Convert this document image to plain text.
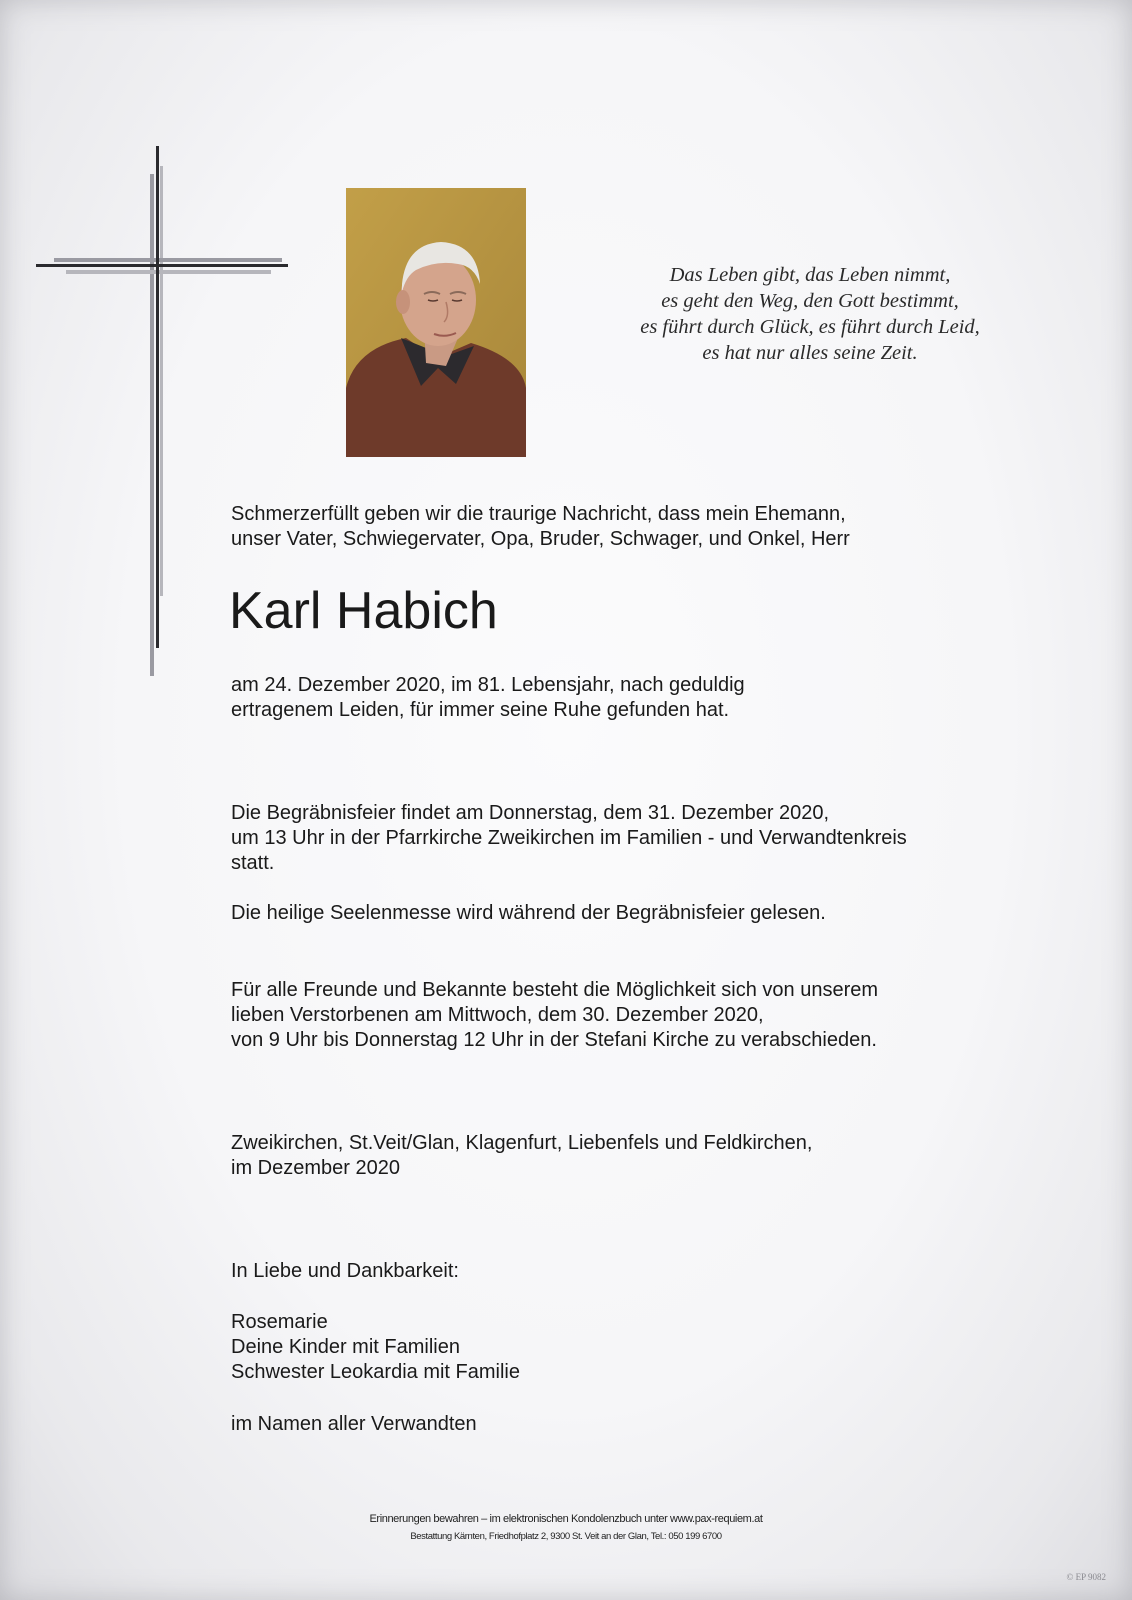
Das Leben gibt, das Leben nimmt,
es geht den Weg, den Gott bestimmt,
es führt durch Glück, es führt durch Leid,
es hat nur alles seine Zeit.
Schmerzerfüllt geben wir die traurige Nachricht, dass mein Ehemann,
unser Vater, Schwiegervater, Opa, Bruder, Schwager, und Onkel, Herr
Karl Habich
am 24. Dezember 2020, im 81. Lebensjahr, nach geduldig
ertragenem Leiden, für immer seine Ruhe gefunden hat.
Die Begräbnisfeier findet am Donnerstag, dem 31. Dezember 2020,
um 13 Uhr in der Pfarrkirche Zweikirchen im Familien - und Verwandtenkreis
statt.
Die heilige Seelenmesse wird während der Begräbnisfeier gelesen.
Für alle Freunde und Bekannte besteht die Möglichkeit sich von unserem
lieben Verstorbenen am Mittwoch, dem 30. Dezember 2020,
von 9 Uhr bis Donnerstag 12 Uhr in der Stefani Kirche zu verabschieden.
Zweikirchen, St.Veit/Glan, Klagenfurt, Liebenfels und Feldkirchen,
im Dezember 2020
In Liebe und Dankbarkeit:
Rosemarie
Deine Kinder mit Familien
Schwester Leokardia mit Familie
im Namen aller Verwandten
Erinnerungen bewahren – im elektronischen Kondolenzbuch unter www.pax-requiem.at
Bestattung Kärnten, Friedhofplatz 2, 9300 St. Veit an der Glan, Tel.: 050 199 6700
© EP 9082
